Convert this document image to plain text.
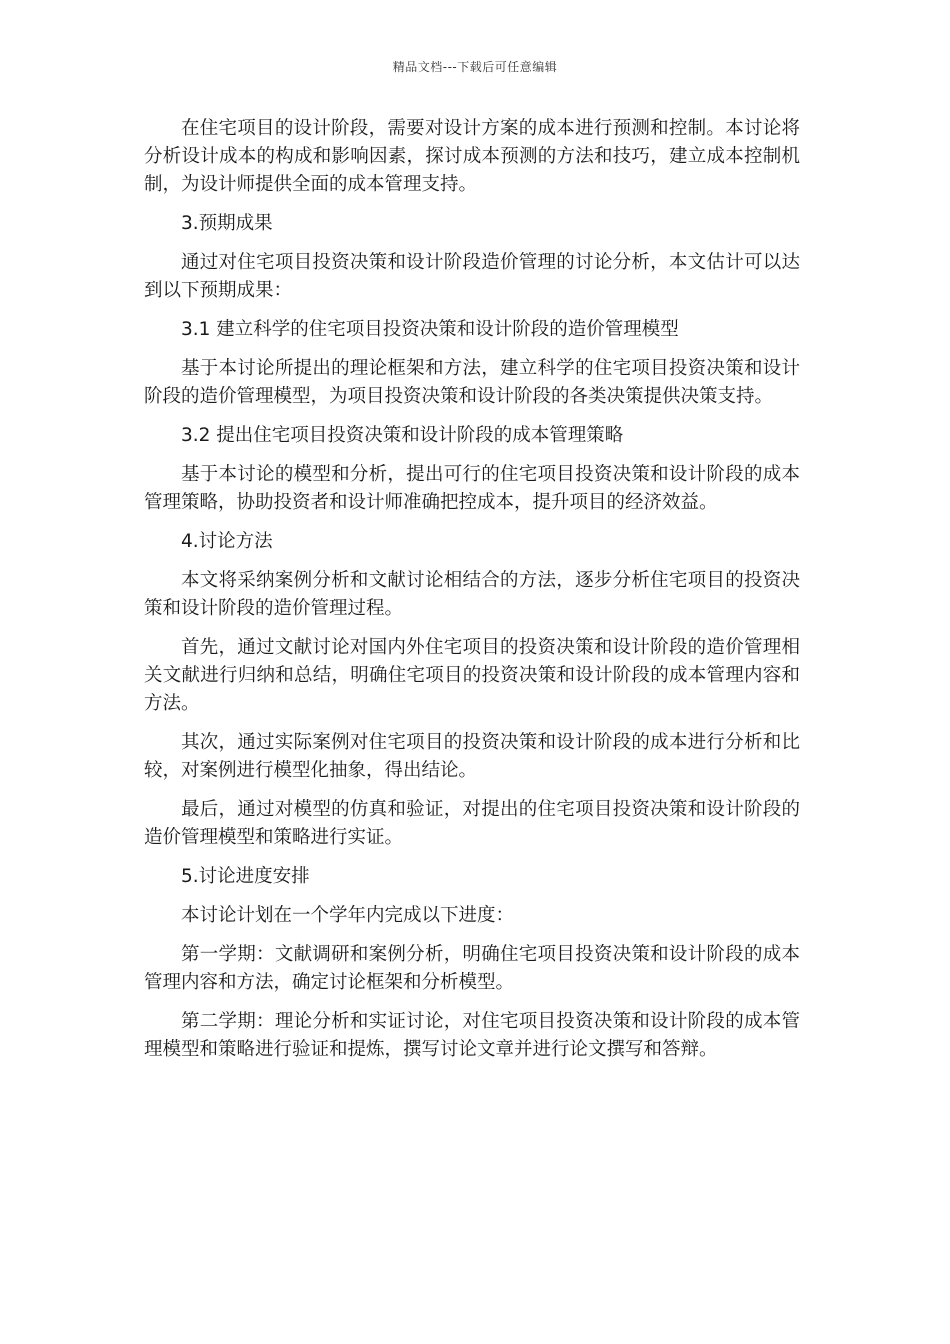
精品文档---下载后可任意编辑

在住宅项目的设计阶段，需要对设计方案的成本进行预测和控制。本讨论将分析设计成本的构成和影响因素，探讨成本预测的方法和技巧，建立成本控制机制，为设计师提供全面的成本管理支持。

3.预期成果

通过对住宅项目投资决策和设计阶段造价管理的讨论分析，本文估计可以达到以下预期成果：

3.1 建立科学的住宅项目投资决策和设计阶段的造价管理模型

基于本讨论所提出的理论框架和方法，建立科学的住宅项目投资决策和设计阶段的造价管理模型，为项目投资决策和设计阶段的各类决策提供决策支持。

3.2 提出住宅项目投资决策和设计阶段的成本管理策略

基于本讨论的模型和分析，提出可行的住宅项目投资决策和设计阶段的成本管理策略，协助投资者和设计师准确把控成本，提升项目的经济效益。

4.讨论方法

本文将采纳案例分析和文献讨论相结合的方法，逐步分析住宅项目的投资决策和设计阶段的造价管理过程。

首先，通过文献讨论对国内外住宅项目的投资决策和设计阶段的造价管理相关文献进行归纳和总结，明确住宅项目的投资决策和设计阶段的成本管理内容和方法。

其次，通过实际案例对住宅项目的投资决策和设计阶段的成本进行分析和比较，对案例进行模型化抽象，得出结论。

最后，通过对模型的仿真和验证，对提出的住宅项目投资决策和设计阶段的造价管理模型和策略进行实证。

5.讨论进度安排

本讨论计划在一个学年内完成以下进度：

第一学期：文献调研和案例分析，明确住宅项目投资决策和设计阶段的成本管理内容和方法，确定讨论框架和分析模型。

第二学期：理论分析和实证讨论，对住宅项目投资决策和设计阶段的成本管理模型和策略进行验证和提炼，撰写讨论文章并进行论文撰写和答辩。
